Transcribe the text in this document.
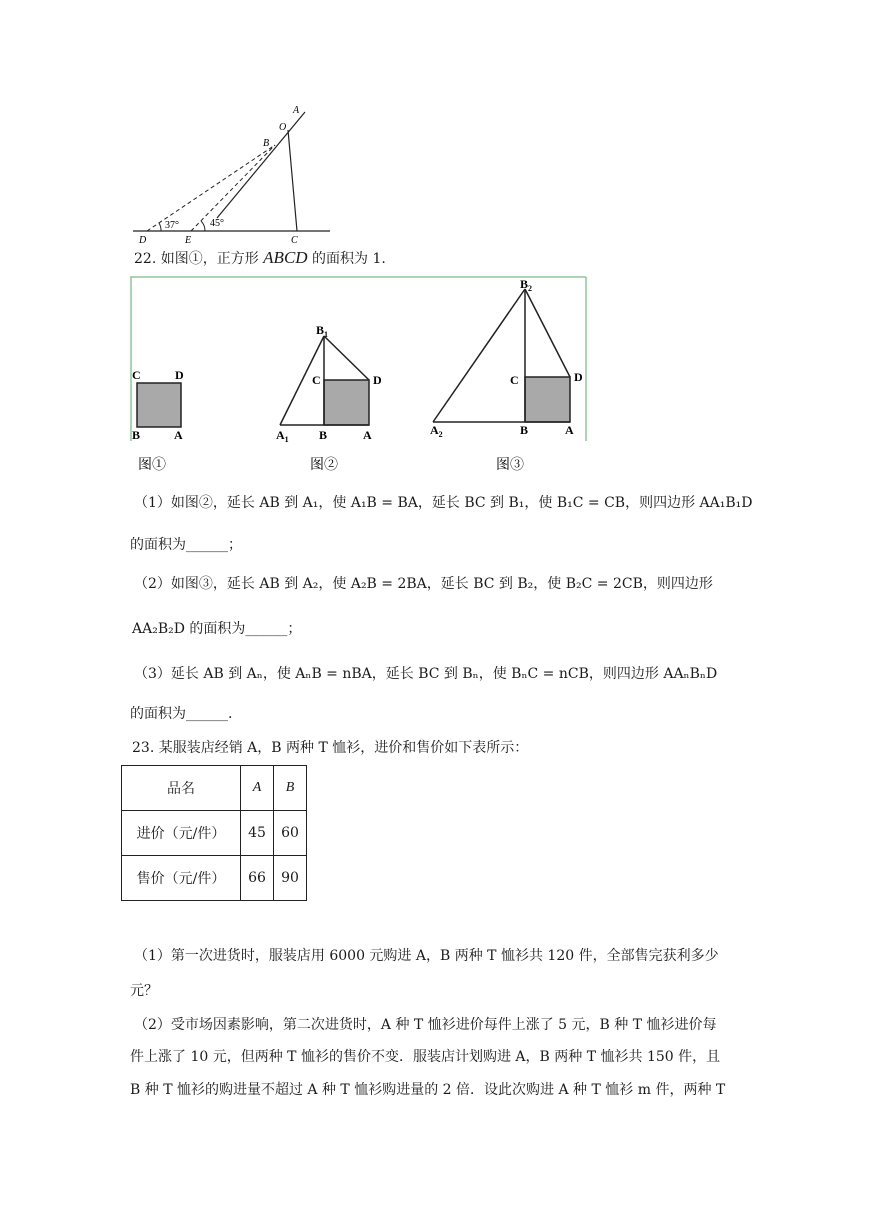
A
O
B
37°	45°
D	E	C
22. 如图①，正方形 ABCD 的面积为 1.
C	D
B	A
图①
$B_1$
C	D
$A_1$	B	A
图②
$B_2$
C	D
$A_2$	B	A
图③
（1）如图②，延长 AB 到 A₁，使 A₁B = BA，延长 BC 到 B₁，使 B₁C = CB，则四边形 AA₁B₁D
的面积为______；
（2）如图③，延长 AB 到 A₂，使 A₂B = 2BA，延长 BC 到 B₂，使 B₂C = 2CB，则四边形
AA₂B₂D 的面积为______；
（3）延长 AB 到 Aₙ，使 AₙB = nBA，延长 BC 到 Bₙ，使 BₙC = nCB，则四边形 AAₙBₙD
的面积为______.
23. 某服装店经销 A，B 两种 T 恤衫，进价和售价如下表所示：
品名	A	B
进价（元/件）	45	60
售价（元/件）	66	90
（1）第一次进货时，服装店用 6000 元购进 A，B 两种 T 恤衫共 120 件，全部售完获利多少
元？
（2）受市场因素影响，第二次进货时，A 种 T 恤衫进价每件上涨了 5 元，B 种 T 恤衫进价每
件上涨了 10 元，但两种 T 恤衫的售价不变．服装店计划购进 A，B 两种 T 恤衫共 150 件，且
B 种 T 恤衫的购进量不超过 A 种 T 恤衫购进量的 2 倍．设此次购进 A 种 T 恤衫 m 件，两种 T
